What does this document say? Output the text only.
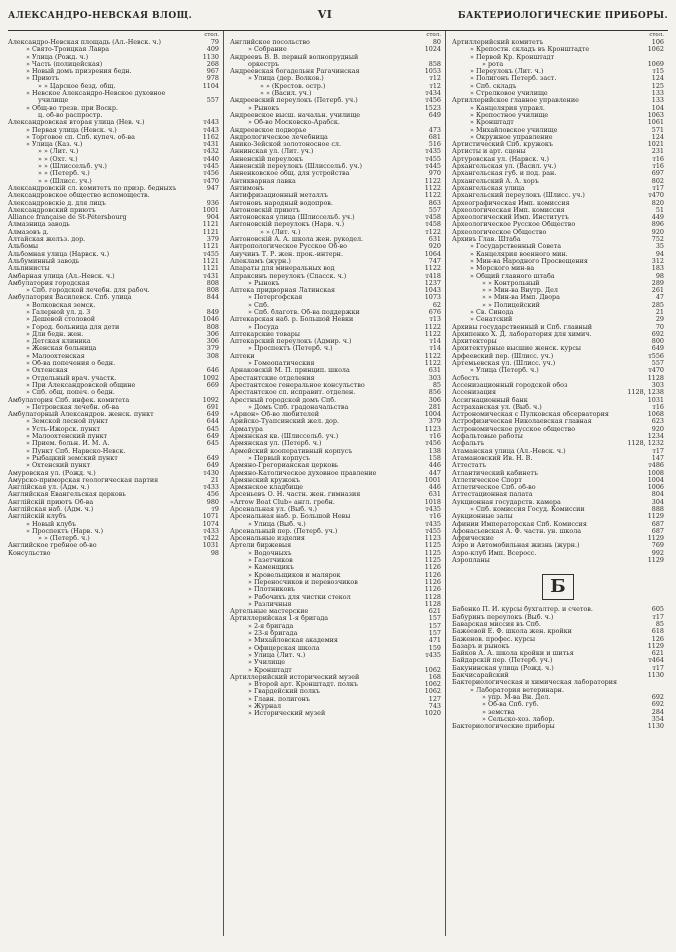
АЛЕКСАНДРО-НЕВСКАЯ ВЛОЩ.	VI	БАКТЕРИОЛОГИЧЕСКИЕ ПРИБОРЫ.
стол.
Александро-Невская площадь (Ал.-Невск. ч.)	79
» Свято-Троицкая Лавра	409
» Улица (Рожд. ч.)	1130
» Часть (полицейская)	268
» Новый домъ призрения бедн.	967
» Приютъ	978
» » Царское безд. общ.	1104
» Невское Александро-Невское духовное
училище	557
» Общ-во трезв. при Воскр.
ц. об-во распростр.
Александровская вторая улица (Нев. ч.)	т443
» Первая улица (Невск. ч.)	т443
» Торговое сп. Спб. купеч. об-ва	1162
» Улица (Каз. ч.)	т431
» » (Лит. ч.)	т432
» » (Охт. ч.)	т440
» » (Шлиссельб. уч.)	т445
» » (Петерб. ч.)	т456
» » (Шлисс. уч.)	т470
Александровскій сл. комитетъ по призр. бедныхъ	947
Александровское общество вспомоществ.
Александровскіе д. для лицъ	936
Александровский приютъ	1001
Alliance française de St-Pétersbourg	904
Алмазница заводь	1121
Алмазовъ д.	1121
Алтайская желъз. дор.	379
Альбомы	1121
Альбомная улица (Нарвск. ч.)	т455
Альбуминный заводь	1121
Альпинисты	1121
Амбарная улица (Ал.-Невск. ч.)	т431
Амбулатория городская	808
» Спб. городской лечебн. для рабоч.	808
Амбулатория Василевск. Спб. улица	844
» Волковская земск.
» Галерной ул. д. 3	849
» Дешевой столовой	1046
» Город. больница для дети	808
» Дли бедн. жен.	306
» Детская клиника	306
» Женская больница	379
» Малоохтенская	308
» Об-ва попечения о бедн.
» Охтенская	646
» Отдельный врач. участк.	1092
» При Александровской общине	669
» Спб. общ. попеч. о бедн.
Амбулатория Спб. инфек. комитета	1092
» Петровская лечебн. об-ва	691
Амбулаторный Александров. женск. пункт	649
» Земской лесной пункт	644
» Усть-Ижорск. пункт	645
» Малоохтенский пункт	649
» Прием. больн. И. М. А.	645
» Пункт Спб. Нарвско-Невск.
» Рыбацкий земский пункт	649
» Охтенский пункт	649
Амуровская ул. (Рожд. ч.)	т430
Амурско-приморская геологическая партия	21
Англійская ул. (Адм. ч.)	т433
Английская Евангельская церковь	456
Англійскій приютъ Об-ва	980
Англійская наб. (Адм. ч.)	т9
Англійскій клубъ	1071
» Новый клубъ	1074
» Проспектъ (Нарв. ч.)	т433
» » (Петерб. ч.)	т422
Английское гребное об-во	1031
Консульство	98
стол.
Английское посольство	80
» Собрание	1024
Андреевъ В. В. первый волнопрудный
оркестръ	858
Андреевская богадельня Рагачинская	1053
» Улица (дер. Волков.)	т12
» » (Крестов. остр.)	т12
» » (Васил. уч.)	т434
Андреевский переулокъ (Петерб. уч.)	т456
» Рынокъ	1523
Андреевское высш. начальн. училище	649
» Об-во Московско-Арабск.
Андреевское подворье	473
Андрологическое лечебница	681
Анико-Зейской золотоносное сл.	516
Аннинская ул. (Лит. уч.)	т435
Анненскій переулокъ	т455
Анненскій переулокъ (Шлиссельб. уч.)	т445
Анненковское общ. для устройства	970
Антикварная лавка	1122
Антимонъ	1122
Антифризационный металлъ	1122
Антоновъ народный водопров.	863
Антоновскій приютъ	557
Антоновская улица (Шлиссельб. уч.)	т458
Антоновскій переулокъ (Нарв. ч.)	т458
» » (Лит. ч.)	т122
Антоновскій А. А. школа жен. рукодел.	631
Антропологическое Русское Об-во	920
Анучинъ Т. Р. жен. прок.-интерн.	1064
Апекламъ (журн.)	747
Апараты для минеральных вод	1122
Апраксинъ переулокъ (Спасск. ч.)	т418
» Рынокъ	1237
Аптека придворная Латинская	1043
» Петергофская	1073
» Спб.	62
» Спб. благотв. Об-ва поддержки	676
Аптекарская наб. р. Большой Невки	т13
» Посуда	1122
Аптекарские товары	1122
Аптекарский переулокъ (Адмир. ч.)	т14
» Проспектъ (Петерб. ч.)	т14
Аптеки	1122
» Гомеопатическия	1122
Арнаковскій М. П. принцип. школа	631
Арестантские отделения	303
Арестантское генеральное консульство	85
Арестантское сп. исправит. отделен.	856
Арестный городской домъ Спб.	306
» Домъ Спб. градоначальства	281
«Арион» Об-во любителей	1004
Арийско-Туапсинский жел. дор.	379
Арматура	1123
Армянская кв. (Шлиссельб. уч.)	т16
Армянская ул. (Петерб. ч.)	т456
Армейский кооперативный корпусъ	138
» Первый корпусъ	158
Армяно-Грегорианская церковь	446
Армяно-Католическое духовное правление	447
Армянский кружокъ	1001
Армянское кладбище	446
Арсеньевъ О. Н. частн. жен. гимназия	631
«Arrow Boat Club» англ. гребн.	1018
Арсенальная ул. (Выб. ч.)	т435
Арсенальная наб. р. Большой Невы	т16
» Улица (Выб. ч.)	т435
Арсенальный пер. (Петерб. уч.)	т455
Арсенальные изделия	1123
Артели биржевыя	1125
» Водочныхъ	1125
» Газетчиков	1125
» Каменщикъ	1126
» Кровельщиков и малярок	1126
» Переносчиков и перевозчиков	1126
» Плотниковъ	1126
» Рабочихъ для чистки стекол	1128
» Различныя	1128
Артельные мастерские	621
Артиллерийская 1-я бригада	157
» 2-я бригада	157
» 23-я бригада	157
» Михайловская академия	471
» Офицерская школа	159
» Улица (Лит. ч.)	т435
» Училище
» Кронштадт	1062
Артиллерийский исторический музей	168
» Второй арт. Кронштадт. полкъ	1062
» Гвардейский полкъ	1062
» Главн. полигонъ	127
» Журнал	743
» Исторический музей	1020
стол.
Артиллерийский комитетъ	106
» Крепостн. складъ въ Кронштадте	1062
» Первой Кр. Кронштадт
» рота	1069
» Переулокъ (Лит. ч.)	т15
» Полигонъ Петерб. заст.	124
» Спб. складъ	125
» Стрелковое училище	133
Артиллерийское главное управление	133
» Канцелярия управл.	104
» Крепостное училище	1063
» Кронштадт	1061
» Михайловское училище	571
» Окружное управление	124
Артистический Спб. кружокъ	1021
Артисты и арт. сцены	231
Артуровская ул. (Нарвск. ч.)	т16
Архангельская ул. (Васил. уч.)	т16
Архангельская губ. и под. ран.	697
Архангельский А. А. хоръ	802
Архангельская улица	т17
Архангельский переулокъ (Шлисс. уч.)	т470
Археографическая Имп. комиссия	820
Археологическая Имп. комиссия	51
Археологический Имп. Институтъ	449
Археологическое Русское Общество	896
Археологическое Общество	920
Архивъ Глав. Штаба	752
» Государственный Совета	35
» Канцелярия военного мин.	94
» Мин-ва Народного Просвещения	312
» Морского мин-ва	183
» Общий главного штаба	98
» » Контрольный	289
» » Мин-ва Внутр. Дел	261
» » Мин-ва Имп. Двора	47
» » Полицейский	285
» Св. Синода	21
» Сенатский	29
Архивы государственный и Спб. главный	70
Архипенко Х. Д. лаборатория для химич.	692
Архитекторы	800
Архитектурные высшие женск. курсы	649
Арфеевский пер. (Шлисс. уч.)	т556
Артемьевская ул. (Шлисс. уч.)	557
» Улица (Петерб. ч.)	т470
Асбестъ	1128
Ассенизационный городской обоз	303
Ассенизация	1128, 1238
Ассигнационный банк	1031
Астраханская ул. (Выб. ч.)	т16
Астрономическая с Пулковская обсерватория	1068
Астрофизическая Николаевская главная	623
Астрономическое русское общество	920
Асфальтовые работы	1234
Асфальтъ	1128, 1232
Атаманская улица (Ал.-Невск. ч.)	т17
Атамановский Ив. Н. В.	147
Аттестатъ	т486
Атлантический кабинетъ	1008
Атлетическое Спорт	1004
Атлетическое Спб. об-во	1006
Аттестационная палата	804
Аукционная государств. камера	304
» Спб. комиссия Госуд. Комиссии	888
Аукционные залы	1129
Афинии Императорская Спб. Комиссия	687
Афонасьевская А. Ф. частн. ун. школа	687
Афрические	1129
Аэро и Автомобильная жизнь (журн.)	769
Аэро-клуб Имп. Всеросс.	992
Аэропланы	1129
Б
Бабенко П. И. курсы бухгалтер. и счетов.	605
Бабуринъ переулокъ (Выб. ч.)	т17
Баварская миссия въ Спб.	85
Бажеевой Е. Ф. школа жен. кройки	618
Баженов. профес. курсы	126
Базаръ и рынокъ	1129
Байков А. А. школа кройки и шитья	621
Байдарскій пер. (Петерб. уч.)	т464
Бакунинская улица (Рожд. ч.)	т17
Бакчисарайский	1130
Бактериологическая и химическая лаборатория
» Лаборатория ветеринарн.
» упр. М-ва Вн. Дел.	692
» Об-ва Спб. губ.	692
» земства	284
» Сельско-хоз. лабор.	354
Бактериологические приборы	1130
